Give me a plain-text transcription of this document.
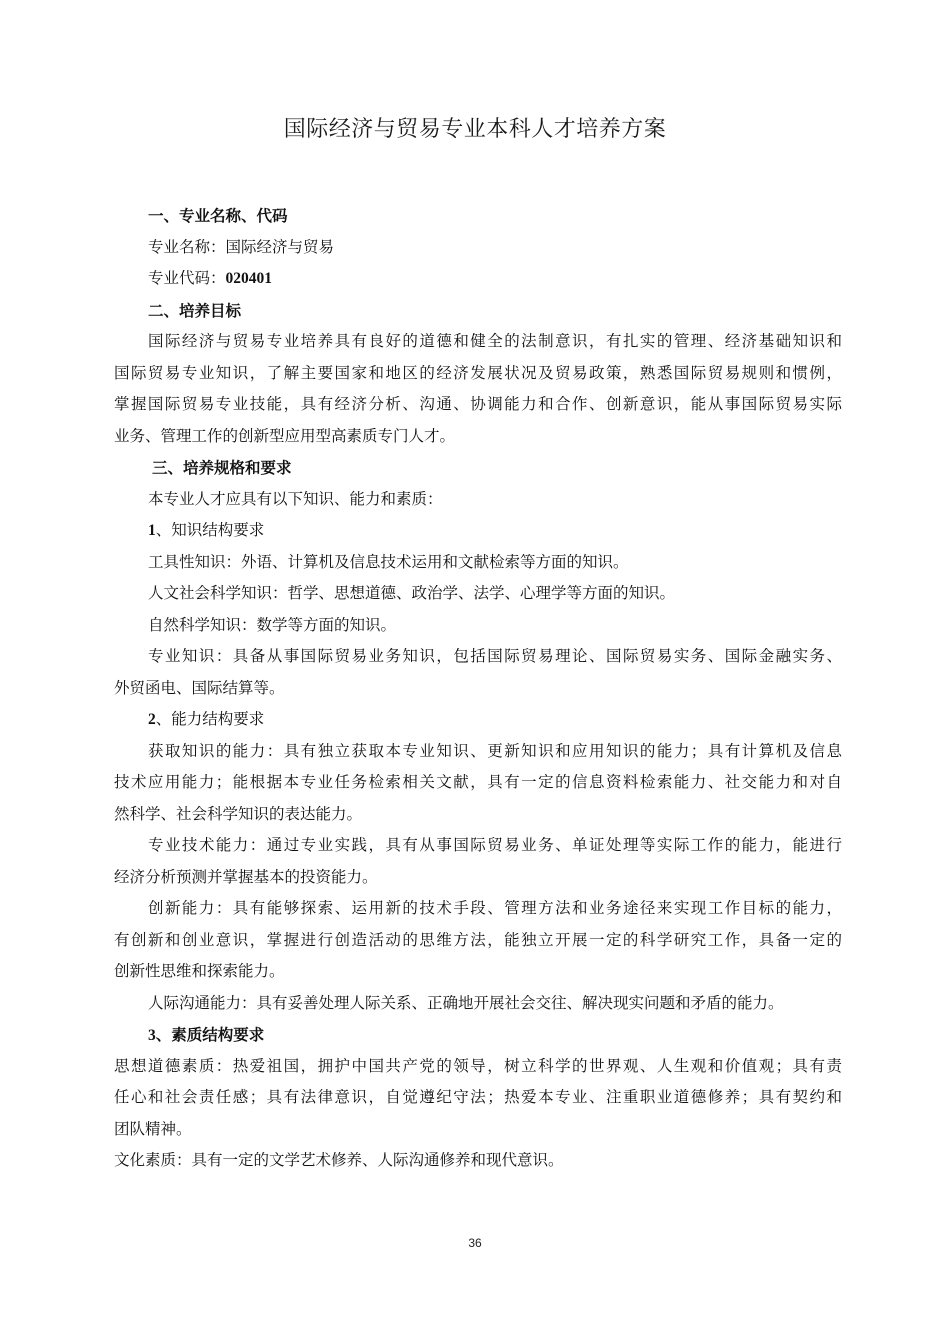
国际经济与贸易专业本科人才培养方案
一、专业名称、代码
专业名称：国际经济与贸易
专业代码：020401
二、培养目标
国际经济与贸易专业培养具有良好的道德和健全的法制意识，有扎实的管理、经济基础知识和
国际贸易专业知识，了解主要国家和地区的经济发展状况及贸易政策，熟悉国际贸易规则和惯例，
掌握国际贸易专业技能，具有经济分析、沟通、协调能力和合作、创新意识，能从事国际贸易实际
业务、管理工作的创新型应用型高素质专门人才。
三、培养规格和要求
本专业人才应具有以下知识、能力和素质：
1、知识结构要求
工具性知识：外语、计算机及信息技术运用和文献检索等方面的知识。
人文社会科学知识：哲学、思想道德、政治学、法学、心理学等方面的知识。
自然科学知识：数学等方面的知识。
专业知识：具备从事国际贸易业务知识，包括国际贸易理论、国际贸易实务、国际金融实务、
外贸函电、国际结算等。
2、能力结构要求
获取知识的能力：具有独立获取本专业知识、更新知识和应用知识的能力；具有计算机及信息
技术应用能力；能根据本专业任务检索相关文献，具有一定的信息资料检索能力、社交能力和对自
然科学、社会科学知识的表达能力。
专业技术能力：通过专业实践，具有从事国际贸易业务、单证处理等实际工作的能力，能进行
经济分析预测并掌握基本的投资能力。
创新能力：具有能够探索、运用新的技术手段、管理方法和业务途径来实现工作目标的能力，
有创新和创业意识，掌握进行创造活动的思维方法，能独立开展一定的科学研究工作，具备一定的
创新性思维和探索能力。
人际沟通能力：具有妥善处理人际关系、正确地开展社会交往、解决现实问题和矛盾的能力。
3、素质结构要求
思想道德素质：热爱祖国，拥护中国共产党的领导，树立科学的世界观、人生观和价值观；具有责
任心和社会责任感；具有法律意识，自觉遵纪守法；热爱本专业、注重职业道德修养；具有契约和
团队精神。
文化素质：具有一定的文学艺术修养、人际沟通修养和现代意识。
36
